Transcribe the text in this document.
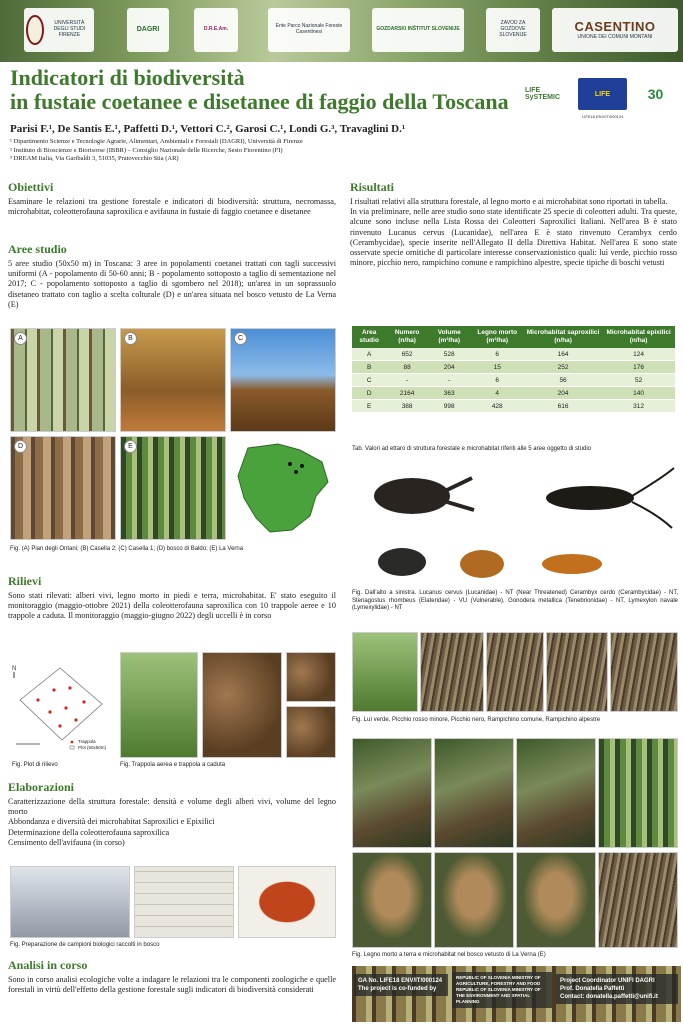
UNIVERSITÀ DEGLI STUDI FIRENZE
DAGRI	D.R.E.Am.	Ente Parco Nazionale Foreste Casentinesi	GOZDARSKI INŠTITUT SLOVENIJE
ZAVOD ZA GOZDOVE SLOVENIJE
CASENTINO
UNIONE DEI COMUNI MONTANI
Indicatori di biodiversità
in fustaie coetanee e disetanee di faggio della Toscana	LIFE SySTEMIC	LIFE	30
LIFE18 ENV/IT/000124
Parisi F.¹, De Santis E.¹, Paffetti D.¹, Vettori C.², Garosi C.¹, Londi G.³, Travaglini D.¹
¹ Dipartimento Scienze e Tecnologie Agrarie, Alimentari, Ambientali e Forestali (DAGRI), Università di Firenze
² Instituto di Bioscienze e Biorisorse (IBBR) – Consiglio Nazionale delle Ricerche, Sesto Fiorentino (FI)
³ DREAM Italia, Via Garibaldi 3, 51035, Pratovecchio Stia (AR)
Obiettivi
Esaminare le relazioni tra gestione forestale e indicatori di biodiversità: struttura, necromassa, microhabitat, coleotterofauna saproxilica e avifauna in fustaie di faggio coetanee e disetanee
Aree studio
5 aree studio (50x50 m) in Toscana: 3 aree in popolamenti coetanei trattati con tagli successivi uniformi (A - popolamento di 50-60 anni; B - popolamento sottoposto a taglio di sementazione nel 2017; C - popolamento sottoposto a taglio di sgombero nel 2018); un'area in un soprassuolo disetaneo trattato con taglio a scelta colturale (D) e un'area situata nel bosco vetusto de La Verna (E)
A	B	C
D	E
Fig. (A) Pian degli Ontani; (B) Casella 2; (C) Casella 1; (D) bosco di Baldo; (E) La Verna
Rilievi
Sono stati rilevati: alberi vivi, legno morto in piedi e terra, microhabitat. E' stato eseguito il monitoraggio (maggio-ottobre 2021) della coleotterofauna saproxilica con 10 trappole aeree e 10 trappole a caduta. Il monitoraggio (maggio-giugno 2022) degli uccelli è in corso
N
Trappola
Plot (50x50m)
Fig. Plot di rilievo	Fig. Trappola aerea e trappola a caduta
Elaborazioni
Caratterizzazione della struttura forestale: densità e volume degli alberi vivi, volume del legno morto
Abbondanza e diversità dei microhabitat Saproxilici e Epixilici
Determinazione della coleotterofauna saproxilica
Censimento dell'avifauna (in corso)
Fig. Preparazione de campioni biologici raccolti in bosco
Analisi in corso
Sono in corso analisi ecologiche volte a indagare le relazioni tra le componenti zoologiche e quelle forestali in virtù dell'effetto della gestione forestale sugli indicatori di biodiversità considerati
Risultati
I risultati relativi alla struttura forestale, al legno morto e ai microhabitat sono riportati in tabella.
In via preliminare, nelle aree studio sono state identificate 25 specie di coleotteri adulti. Tra queste, alcune sono incluse nella Lista Rossa dei Coleotteri Saproxilici Italiani. Nell'area B è stato rinvenuto Lucanus cervus (Lucanidae), nell'area E è stato rinvenuto Cerambyx cerdo (Cerambycidae), specie inserite nell'Allegato II della Direttiva Habitat. Nell'area E sono state osservate specie ornitiche di particolare interesse conservazionistico quali: luì verde, picchio rosso minore, picchio nero, rampichino comune e rampichino alpestre, specie tipiche di boschi vetusti
Area studio	Numero (n/ha)	Volume (m³/ha)	Legno morto (m³/ha)	Microhabitat saproxilici (n/ha)	Microhabitat epixilici (n/ha)
A	652	528	6	164	124
B	88	204	15	252	176
C	-	-	6	56	52
D	2164	363	4	204	140
E	388	998	428	616	312
Tab. Valori ad ettaro di struttura forestale e microhabitat riferiti alle 5 aree oggetto di studio
Fig. Dall'alto a sinistra. Lucanus cervus (Lucanidae) - NT (Near Threatened) Cerambyx cerdo (Cerambycidae) - NT, Stenagostus rhombeus (Elateridae) - VU (Vulnerable), Gonodera metallica (Tenebrionidae) - NT, Lymexylon navale (Lymexylidae) - NT
Fig. Luì verde, Picchio rosso minore, Picchio nero, Rampichino comune, Rampichino alpestre
Fig. Legno morto a terra e microhabitat nel bosco vetusto di La Verna (E)
GA No. LIFE18 ENV/IT/000124
The project is co-funded by
REPUBLIC OF SLOVENIA MINISTRY OF AGRICULTURE, FORESTRY AND FOOD
REPUBLIC OF SLOVENIA MINISTRY OF THE ENVIRONMENT AND SPATIAL PLANNING
Project Coordinator UNIFI DAGRI
Prof. Donatella Paffetti
Contact: donatella.paffetti@unifi.it
